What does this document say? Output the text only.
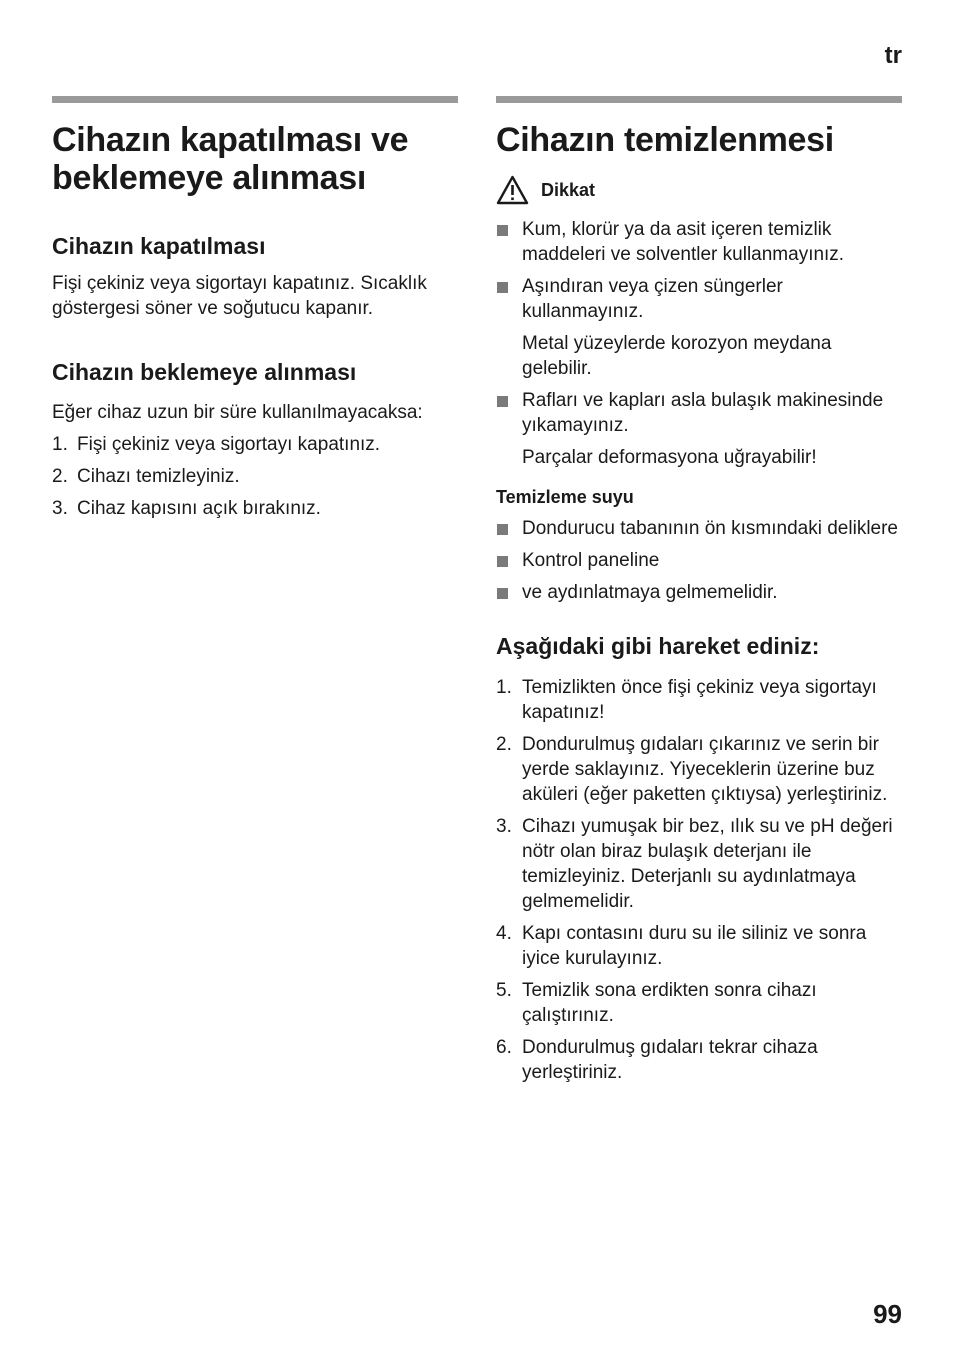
tr
Cihazın kapatılması ve beklemeye alınması
Cihazın kapatılması

Fişi çekiniz veya sigortayı kapatınız. Sıcaklık göstergesi söner ve soğutucu kapanır.

Cihazın beklemeye alınması

Eğer cihaz uzun bir süre kullanılmayacaksa:

1. Fişi çekiniz veya sigortayı kapatınız.
2. Cihazı temizleyiniz.
3. Cihaz kapısını açık bırakınız.
Cihazın temizlenmesi
Dikkat
Kum, klorür ya da asit içeren temizlik maddeleri ve solventler kullanmayınız.
Aşındıran veya çizen süngerler kullanmayınız.

Metal yüzeylerde korozyon meydana gelebilir.

Rafları ve kapları asla bulaşık makinesinde yıkamayınız.

Parçalar deformasyona uğrayabilir!

Temizleme suyu
Dondurucu tabanının ön kısmındaki deliklere
Kontrol paneline
ve aydınlatmaya gelmemelidir.
Aşağıdaki gibi hareket ediniz:
1. Temizlikten önce fişi çekiniz veya sigortayı kapatınız!
2. Dondurulmuş gıdaları çıkarınız ve serin bir yerde saklayınız. Yiyeceklerin üzerine buz aküleri (eğer paketten çıktıysa) yerleştiriniz.
3. Cihazı yumuşak bir bez, ılık su ve pH değeri nötr olan biraz bulaşık deterjanı ile temizleyiniz. Deterjanlı su aydınlatmaya gelmemelidir.
4. Kapı contasını duru su ile siliniz ve sonra iyice kurulayınız.
5. Temizlik sona erdikten sonra cihazı çalıştırınız.
6. Dondurulmuş gıdaları tekrar cihaza yerleştiriniz.
99
